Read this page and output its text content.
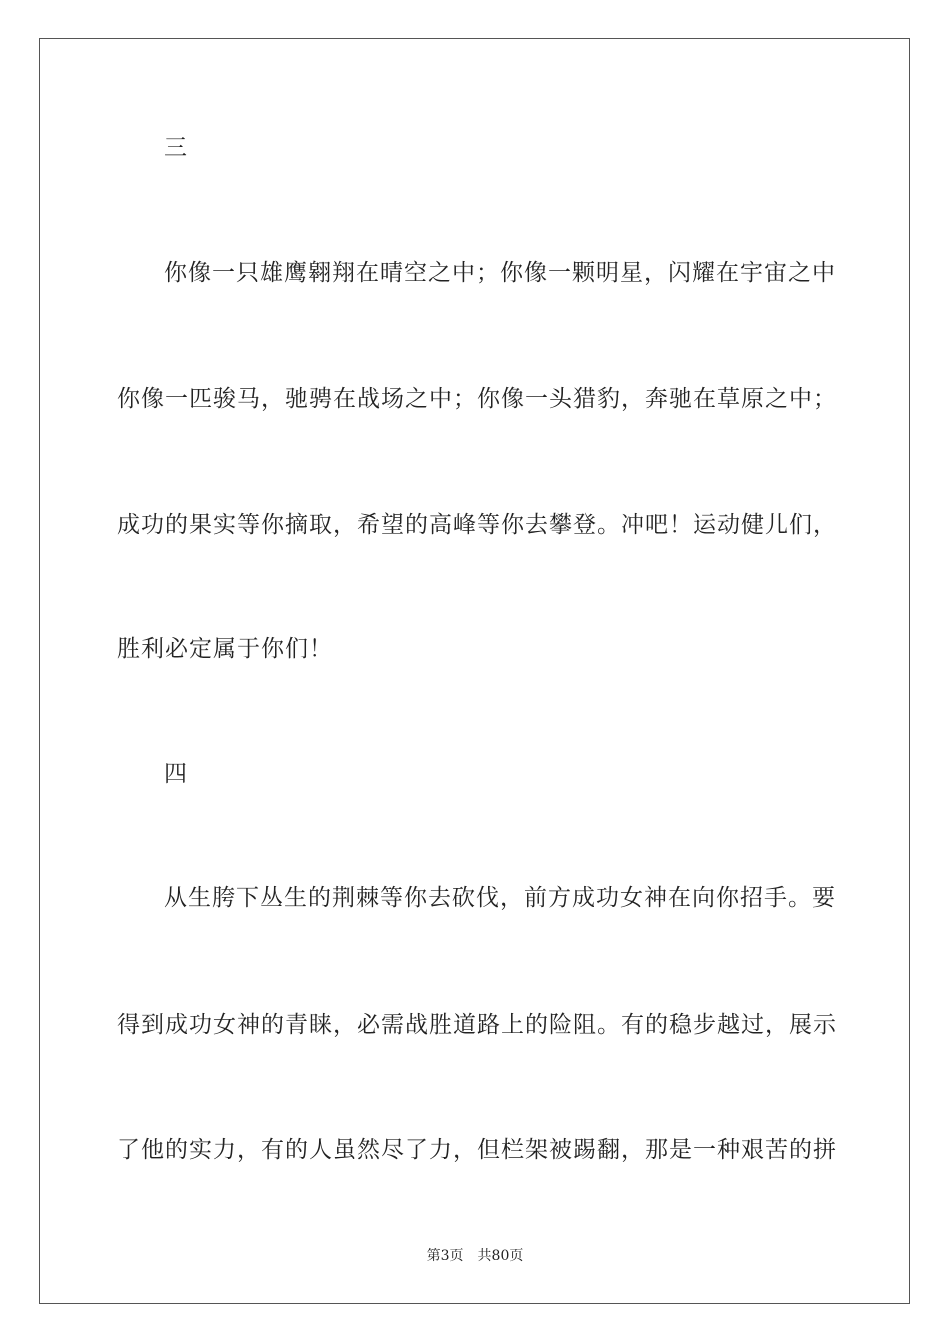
三
你像一只雄鹰翱翔在晴空之中；你像一颗明星，闪耀在宇宙之中
你像一匹骏马，驰骋在战场之中；你像一头猎豹，奔驰在草原之中；
成功的果实等你摘取，希望的高峰等你去攀登。冲吧！运动健儿们，
胜利必定属于你们！
四
从生胯下丛生的荆棘等你去砍伐，前方成功女神在向你招手。要
得到成功女神的青睐，必需战胜道路上的险阻。有的稳步越过，展示
了他的实力，有的人虽然尽了力，但栏架被踢翻，那是一种艰苦的拼
第3页 共80页
